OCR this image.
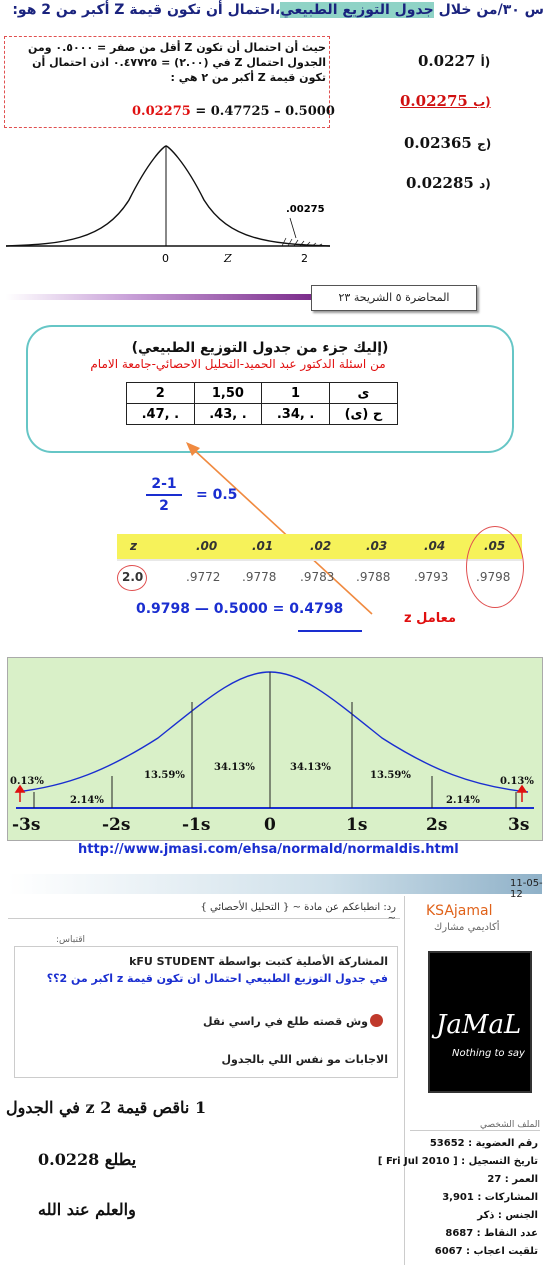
س ٣٠/من خلال جدول التوزيع الطبيعي،احتمال أن تكون قيمة Z أكبر من 2 هو:
حيث أن احتمال أن تكون Z أقل من صفر = ٠.٥٠٠٠ ومن الجدول احتمال Z في (٢.٠٠) = ٠.٤٧٧٢٥ اذن احتمال أن تكون قيمة Z أكبر من ٢ هي :
0.02275 = 0.47725 – 0.5000
0.0227 أ)
0.02275 ب)
0.02365 ج)
0.02285 د)
.00275
0	Z	2
المحاضرة ٥ الشريحة ٢٣
(إليك جزء من جدول التوزيع الطبيعي)
من اسئلة الدكتور عبد الحميد-التحليل الاحصائي-جامعة الامام
2	1,50	1	ى
.47, .	.43, .	.34, .	ح (ى)
2-1
2
= 0.5
z	.00	.01	.02	.03	.04	.05
2.0	.9772 .9778 .9783 .9788 .9793 .9798
0.9798 — 0.5000 = 0.4798
معامل z
0.13%
2.14%
13.59%
34.13%	34.13%
13.59%
2.14%
0.13%
-3s	-2s	-1s	0	1s	2s	3s
http://www.jmasi.com/ehsa/normald/normaldis.html
11-05-12
KSAjamal
أكاديمي مشارك
JaMaL
Nothing to say
الملف الشخصي
رقم العضوية : 53652
تاريخ التسجيل : [ Fri Jul 2010 ]
العمر : 27
المشاركات : 3,901
الجنس : ذكر
عدد النقاط : 8687
تلقيت اعجاب : 6067
رد: انطباعكم عن مادة ~ { التحليل الأحصائي } ~
اقتباس:
المشاركة الأصلية كتبت بواسطة kFU STUDENT
في جدول التوزيع الطبيعي احتمال ان تكون قيمة z اكبر من 2؟؟
وش قصته طلع في راسي نقل
الاجابات مو نفس اللي بالجدول
1 ناقص قيمة 2 z في الجدول
يطلع 0.0228
والعلم عند الله
